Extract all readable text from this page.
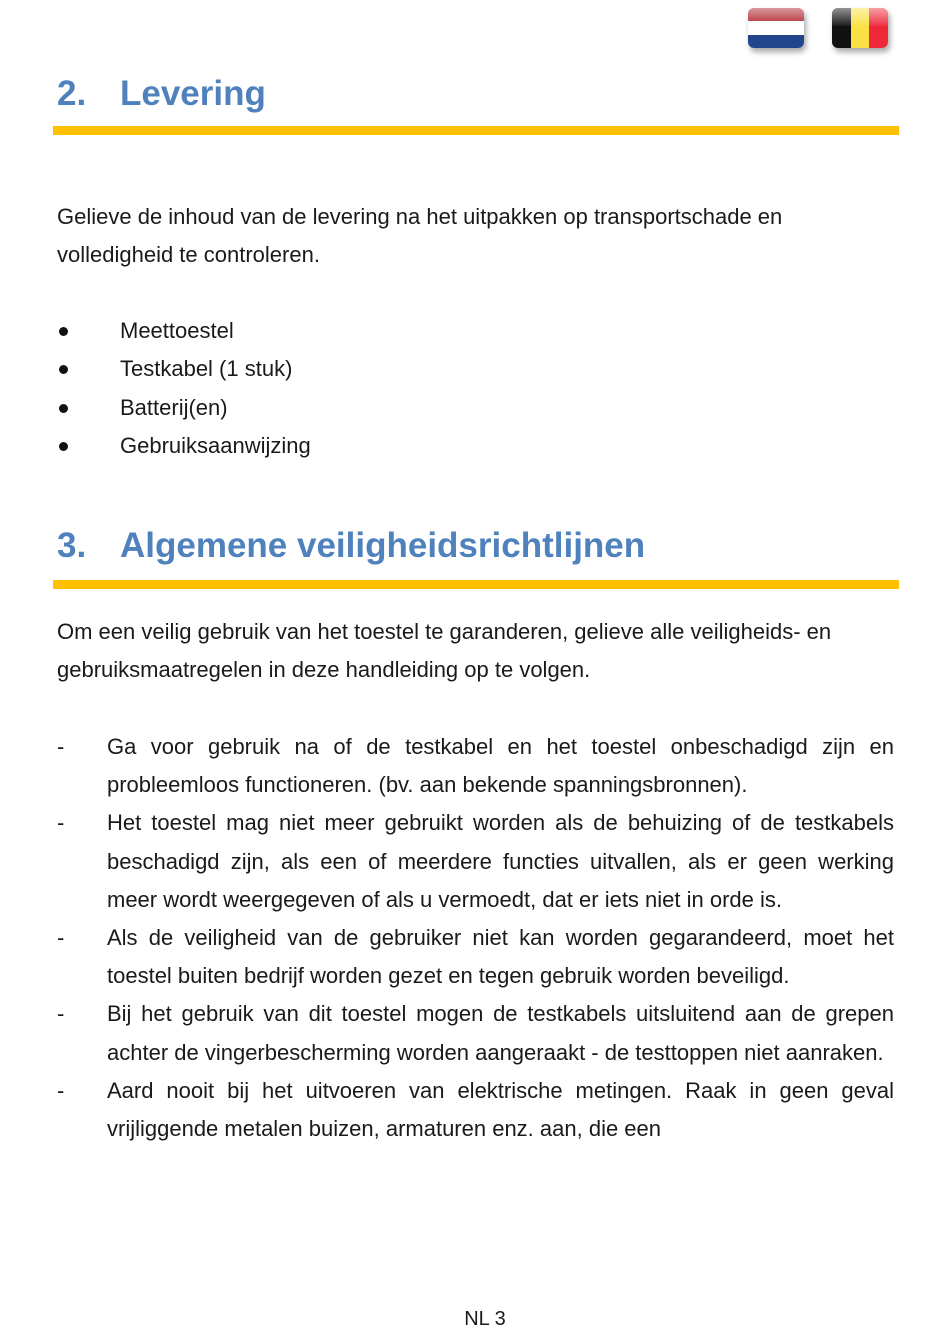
2. Levering

Gelieve de inhoud van de levering na het uitpakken op transportschade en volledigheid te controleren.

Meettoestel
Testkabel (1 stuk)
Batterij(en)
Gebruiksaanwijzing
3. Algemene veiligheidsrichtlijnen

Om een veilig gebruik van het toestel te garanderen, gelieve alle veiligheids- en gebruiksmaatregelen in deze handleiding op te volgen.

- Ga voor gebruik na of de testkabel en het toestel onbeschadigd zijn en probleemloos functioneren. (bv. aan bekende spanningsbronnen).
- Het toestel mag niet meer gebruikt worden als de behuizing of de testkabels beschadigd zijn, als een of meerdere functies uitvallen, als er geen werking meer wordt weergegeven of als u vermoedt, dat er iets niet in orde is.
- Als de veiligheid van de gebruiker niet kan worden gegarandeerd, moet het toestel buiten bedrijf worden gezet en tegen gebruik worden beveiligd.
- Bij het gebruik van dit toestel mogen de testkabels uitsluitend aan de grepen achter de vingerbescherming worden aangeraakt - de testtoppen niet aanraken.
- Aard nooit bij het uitvoeren van elektrische metingen. Raak in geen geval vrijliggende metalen buizen, armaturen enz. aan, die een
NL 3
